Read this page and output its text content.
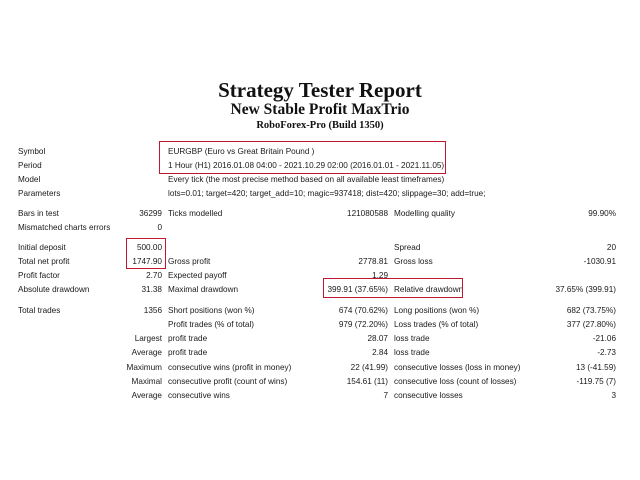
Strategy Tester Report
New Stable Profit MaxTrio
RoboForex-Pro (Build 1350)
Symbol	EURGBP (Euro vs Great Britain Pound )
Period	1 Hour (H1) 2016.01.08 04:00 - 2021.10.29 02:00 (2016.01.01 - 2021.11.05)
Model	Every tick (the most precise method based on all available least timeframes)
Parameters	lots=0.01; target=420; target_add=10; magic=937418; dist=420; slippage=30; add=true;
Bars in test	36299 Ticks modelled	121080588 Modelling quality	99.90%
Mismatched charts errors	0
Initial deposit	500.00	Spread	20
Total net profit	1747.90 Gross profit	2778.81 Gross loss	-1030.91
Profit factor	2.70 Expected payoff	1.29
Absolute drawdown	31.38 Maximal drawdown	399.91 (37.65%) Relative drawdown	37.65% (399.91)
Total trades	1356 Short positions (won %)	674 (70.62%) Long positions (won %)	682 (73.75%)
Profit trades (% of total)	979 (72.20%) Loss trades (% of total)	377 (27.80%)
Largest profit trade	28.07 loss trade	-21.06
Average profit trade	2.84 loss trade	-2.73
Maximum consecutive wins (profit in money)	22 (41.99) consecutive losses (loss in money)	13 (-41.59)
Maximal consecutive profit (count of wins)	154.61 (11) consecutive loss (count of losses)	-119.75 (7)
Average consecutive wins	7 consecutive losses	3
